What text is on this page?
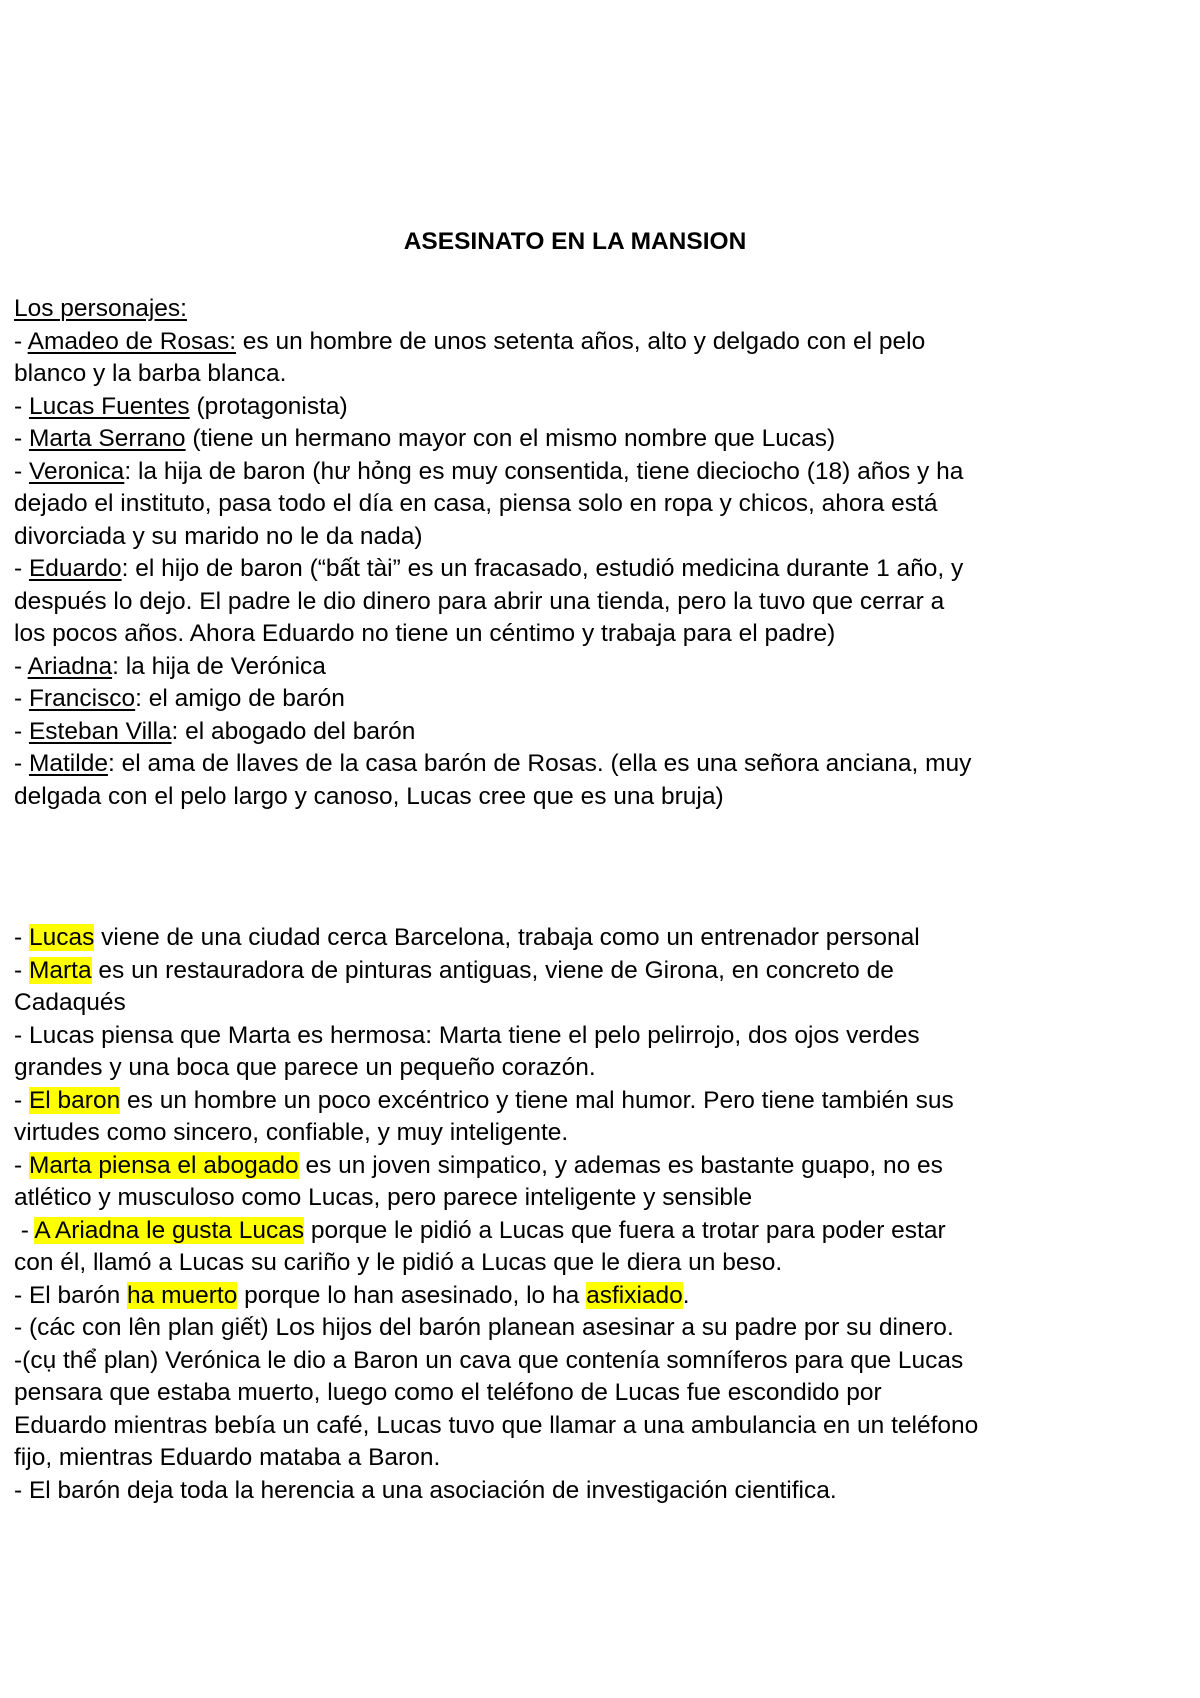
ASESINATO EN LA MANSION

Los personajes:

- Amadeo de Rosas: es un hombre de unos setenta años, alto y delgado con el pelo

blanco y la barba blanca.

- Lucas Fuentes (protagonista)

- Marta Serrano (tiene un hermano mayor con el mismo nombre que Lucas)

- Veronica: la hija de baron (hư hỏng es muy consentida, tiene dieciocho (18) años y ha

dejado el instituto, pasa todo el día en casa, piensa solo en ropa y chicos, ahora está

divorciada y su marido no le da nada)

- Eduardo: el hijo de baron (“bất tài” es un fracasado, estudió medicina durante 1 año, y

después lo dejo. El padre le dio dinero para abrir una tienda, pero la tuvo que cerrar a

los pocos años. Ahora Eduardo no tiene un céntimo y trabaja para el padre)

- Ariadna: la hija de Verónica

- Francisco: el amigo de barón

- Esteban Villa: el abogado del barón

- Matilde: el ama de llaves de la casa barón de Rosas. (ella es una señora anciana, muy

delgada con el pelo largo y canoso, Lucas cree que es una bruja)

- Lucas viene de una ciudad cerca Barcelona, trabaja como un entrenador personal

- Marta es un restauradora de pinturas antiguas, viene de Girona, en concreto de

Cadaqués

- Lucas piensa que Marta es hermosa: Marta tiene el pelo pelirrojo, dos ojos verdes

grandes y una boca que parece un pequeño corazón.

- El baron es un hombre un poco excéntrico y tiene mal humor. Pero tiene también sus

virtudes como sincero, confiable, y muy inteligente.

- Marta piensa el abogado es un joven simpatico, y ademas es bastante guapo, no es

atlético y musculoso como Lucas, pero parece inteligente y sensible

- A Ariadna le gusta Lucas porque le pidió a Lucas que fuera a trotar para poder estar

con él, llamó a Lucas su cariño y le pidió a Lucas que le diera un beso.

- El barón ha muerto porque lo han asesinado, lo ha asfixiado.

- (các con lên plan giết) Los hijos del barón planean asesinar a su padre por su dinero.

-(cụ thể plan) Verónica le dio a Baron un cava que contenía somníferos para que Lucas

pensara que estaba muerto, luego como el teléfono de Lucas fue escondido por

Eduardo mientras bebía un café, Lucas tuvo que llamar a una ambulancia en un teléfono

fijo, mientras Eduardo mataba a Baron.

- El barón deja toda la herencia a una asociación de investigación cientifica.
